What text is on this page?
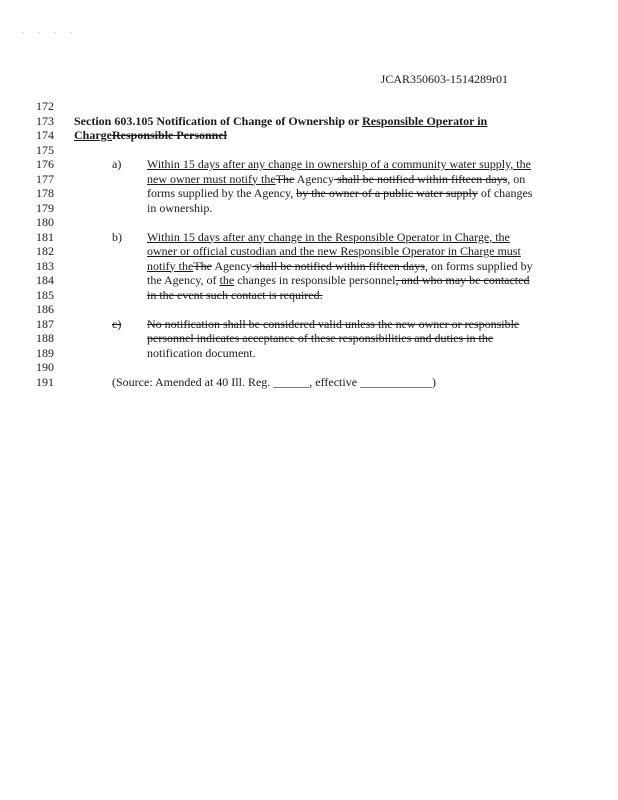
. . . .
JCAR350603-1514289r01
172
173
174
175
176
177
178
179
180
181
182
183
184
185
186
187
188
189
190
191
Section 603.105 Notification of Change of Ownership or Responsible Operator in
ChargeResponsible Personnel
a) Within 15 days after any change in ownership of a community water supply, the
new owner must notify theThe Agency shall be notified within fifteen days, on
forms supplied by the Agency, by the owner of a public water supply of changes
in ownership.
b) Within 15 days after any change in the Responsible Operator in Charge, the
owner or official custodian and the new Responsible Operator in Charge must
notify theThe Agency shall be notified within fifteen days, on forms supplied by
the Agency, of the changes in responsible personnel, and who may be contacted
in the event such contact is required.
c) No notification shall be considered valid unless the new owner or responsible
personnel indicates acceptance of these responsibilities and duties in the
notification document.
(Source: Amended at 40 Ill. Reg. ______, effective ____________)
